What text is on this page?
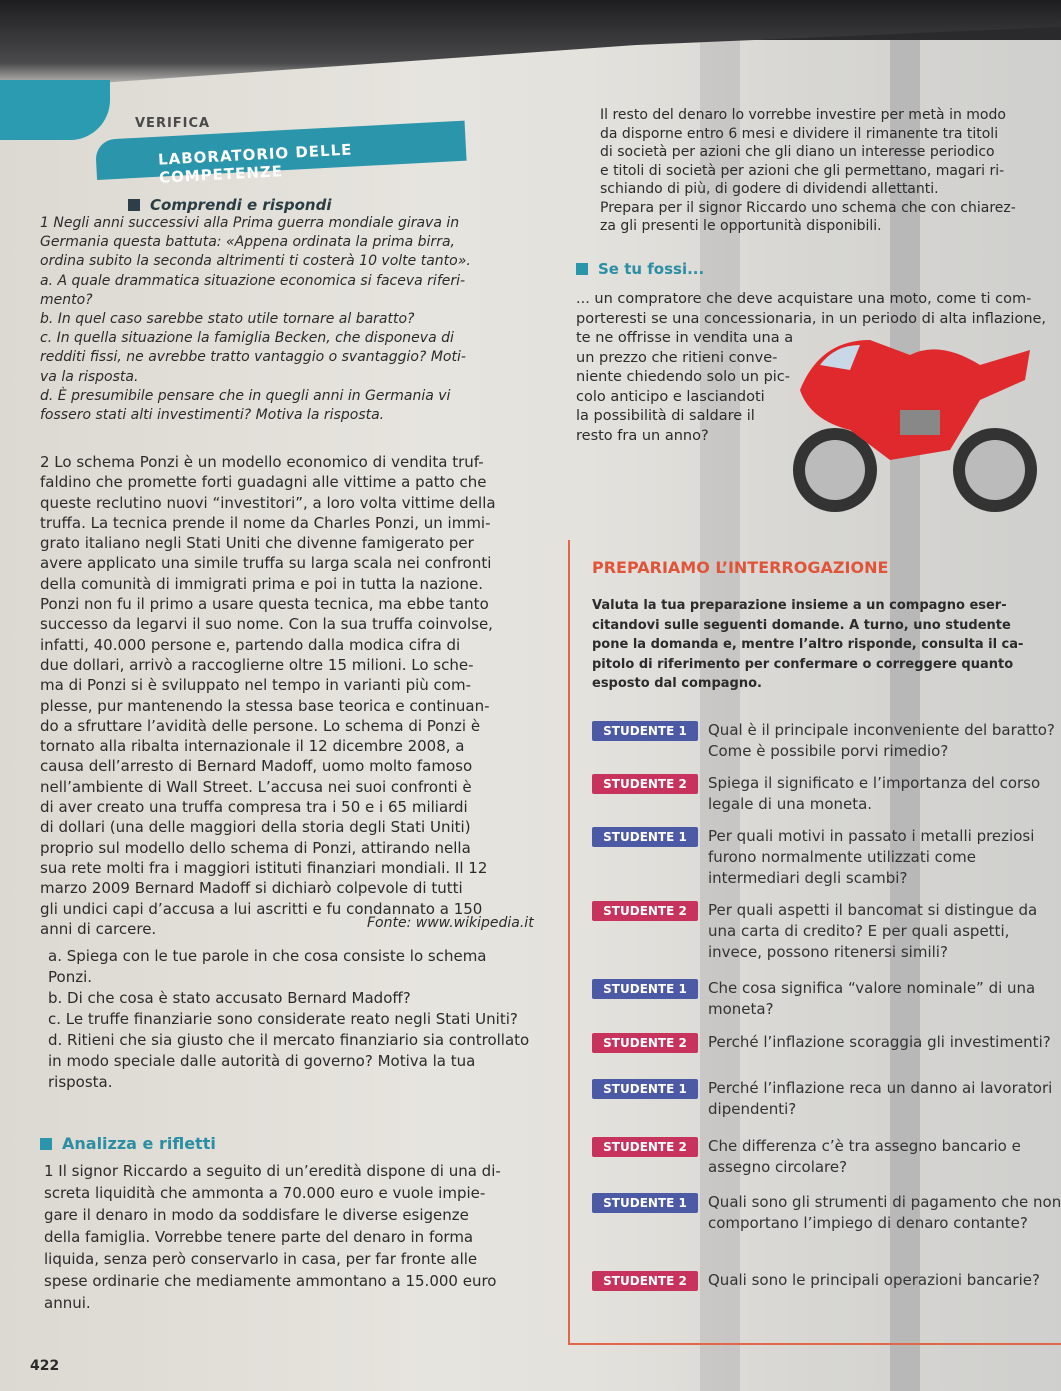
VERIFICA
LABORATORIO DELLE COMPETENZE
Comprendi e rispondi
1 Negli anni successivi alla Prima guerra mondiale girava in
Germania questa battuta: «Appena ordinata la prima birra,
ordina subito la seconda altrimenti ti costerà 10 volte tanto».
a. A quale drammatica situazione economica si faceva riferi-
mento?
b. In quel caso sarebbe stato utile tornare al baratto?
c. In quella situazione la famiglia Becken, che disponeva di
redditi fissi, ne avrebbe tratto vantaggio o svantaggio? Moti-
va la risposta.
d. È presumibile pensare che in quegli anni in Germania vi
fossero stati alti investimenti? Motiva la risposta.
2 Lo schema Ponzi è un modello economico di vendita truf-
faldino che promette forti guadagni alle vittime a patto che
queste reclutino nuovi “investitori”, a loro volta vittime della
truffa. La tecnica prende il nome da Charles Ponzi, un immi-
grato italiano negli Stati Uniti che divenne famigerato per
avere applicato una simile truffa su larga scala nei confronti
della comunità di immigrati prima e poi in tutta la nazione.
Ponzi non fu il primo a usare questa tecnica, ma ebbe tanto
successo da legarvi il suo nome. Con la sua truffa coinvolse,
infatti, 40.000 persone e, partendo dalla modica cifra di
due dollari, arrivò a raccoglierne oltre 15 milioni. Lo sche-
ma di Ponzi si è sviluppato nel tempo in varianti più com-
plesse, pur mantenendo la stessa base teorica e continuan-
do a sfruttare l’avidità delle persone. Lo schema di Ponzi è
tornato alla ribalta internazionale il 12 dicembre 2008, a
causa dell’arresto di Bernard Madoff, uomo molto famoso
nell’ambiente di Wall Street. L’accusa nei suoi confronti è
di aver creato una truffa compresa tra i 50 e i 65 miliardi
di dollari (una delle maggiori della storia degli Stati Uniti)
proprio sul modello dello schema di Ponzi, attirando nella
sua rete molti fra i maggiori istituti finanziari mondiali. Il 12
marzo 2009 Bernard Madoff si dichiarò colpevole di tutti
gli undici capi d’accusa a lui ascritti e fu condannato a 150
anni di carcere.	Fonte: www.wikipedia.it
a. Spiega con le tue parole in che cosa consiste lo schema
Ponzi.
b. Di che cosa è stato accusato Bernard Madoff?
c. Le truffe finanziarie sono considerate reato negli Stati Uniti?
d. Ritieni che sia giusto che il mercato finanziario sia controllato
in modo speciale dalle autorità di governo? Motiva la tua
risposta.
Analizza e rifletti
1 Il signor Riccardo a seguito di un’eredità dispone di una di-
screta liquidità che ammonta a 70.000 euro e vuole impie-
gare il denaro in modo da soddisfare le diverse esigenze
della famiglia. Vorrebbe tenere parte del denaro in forma
liquida, senza però conservarlo in casa, per far fronte alle
spese ordinarie che mediamente ammontano a 15.000 euro
annui.
422
Il resto del denaro lo vorrebbe investire per metà in modo
da disporne entro 6 mesi e dividere il rimanente tra titoli
di società per azioni che gli diano un interesse periodico
e titoli di società per azioni che gli permettano, magari ri-
schiando di più, di godere di dividendi allettanti.
Prepara per il signor Riccardo uno schema che con chiarez-
za gli presenti le opportunità disponibili.
Se tu fossi...
... un compratore che deve acquistare una moto, come ti com-
porteresti se una concessionaria, in un periodo di alta inflazione,
te ne offrisse in vendita una a
un prezzo che ritieni conve-
niente chiedendo solo un pic-
colo anticipo e lasciandoti
la possibilità di saldare il
resto fra un anno?
PREPARIAMO L’INTERROGAZIONE
Valuta la tua preparazione insieme a un compagno eser-
citandovi sulle seguenti domande. A turno, uno studente
pone la domanda e, mentre l’altro risponde, consulta il ca-
pitolo di riferimento per confermare o correggere quanto
esposto dal compagno.
STUDENTE 1	Qual è il principale inconveniente del baratto? Come è possibile porvi rimedio?
STUDENTE 2	Spiega il significato e l’importanza del corso legale di una moneta.
STUDENTE 1	Per quali motivi in passato i metalli preziosi furono normalmente utilizzati come intermediari degli scambi?
STUDENTE 2	Per quali aspetti il bancomat si distingue da una carta di credito? E per quali aspetti, invece, possono ritenersi simili?
STUDENTE 1	Che cosa significa “valore nominale” di una moneta?
STUDENTE 2	Perché l’inflazione scoraggia gli investimenti?
STUDENTE 1	Perché l’inflazione reca un danno ai lavoratori dipendenti?
STUDENTE 2	Che differenza c’è tra assegno bancario e assegno circolare?
STUDENTE 1	Quali sono gli strumenti di pagamento che non comportano l’impiego di denaro contante?
STUDENTE 2	Quali sono le principali operazioni bancarie?
